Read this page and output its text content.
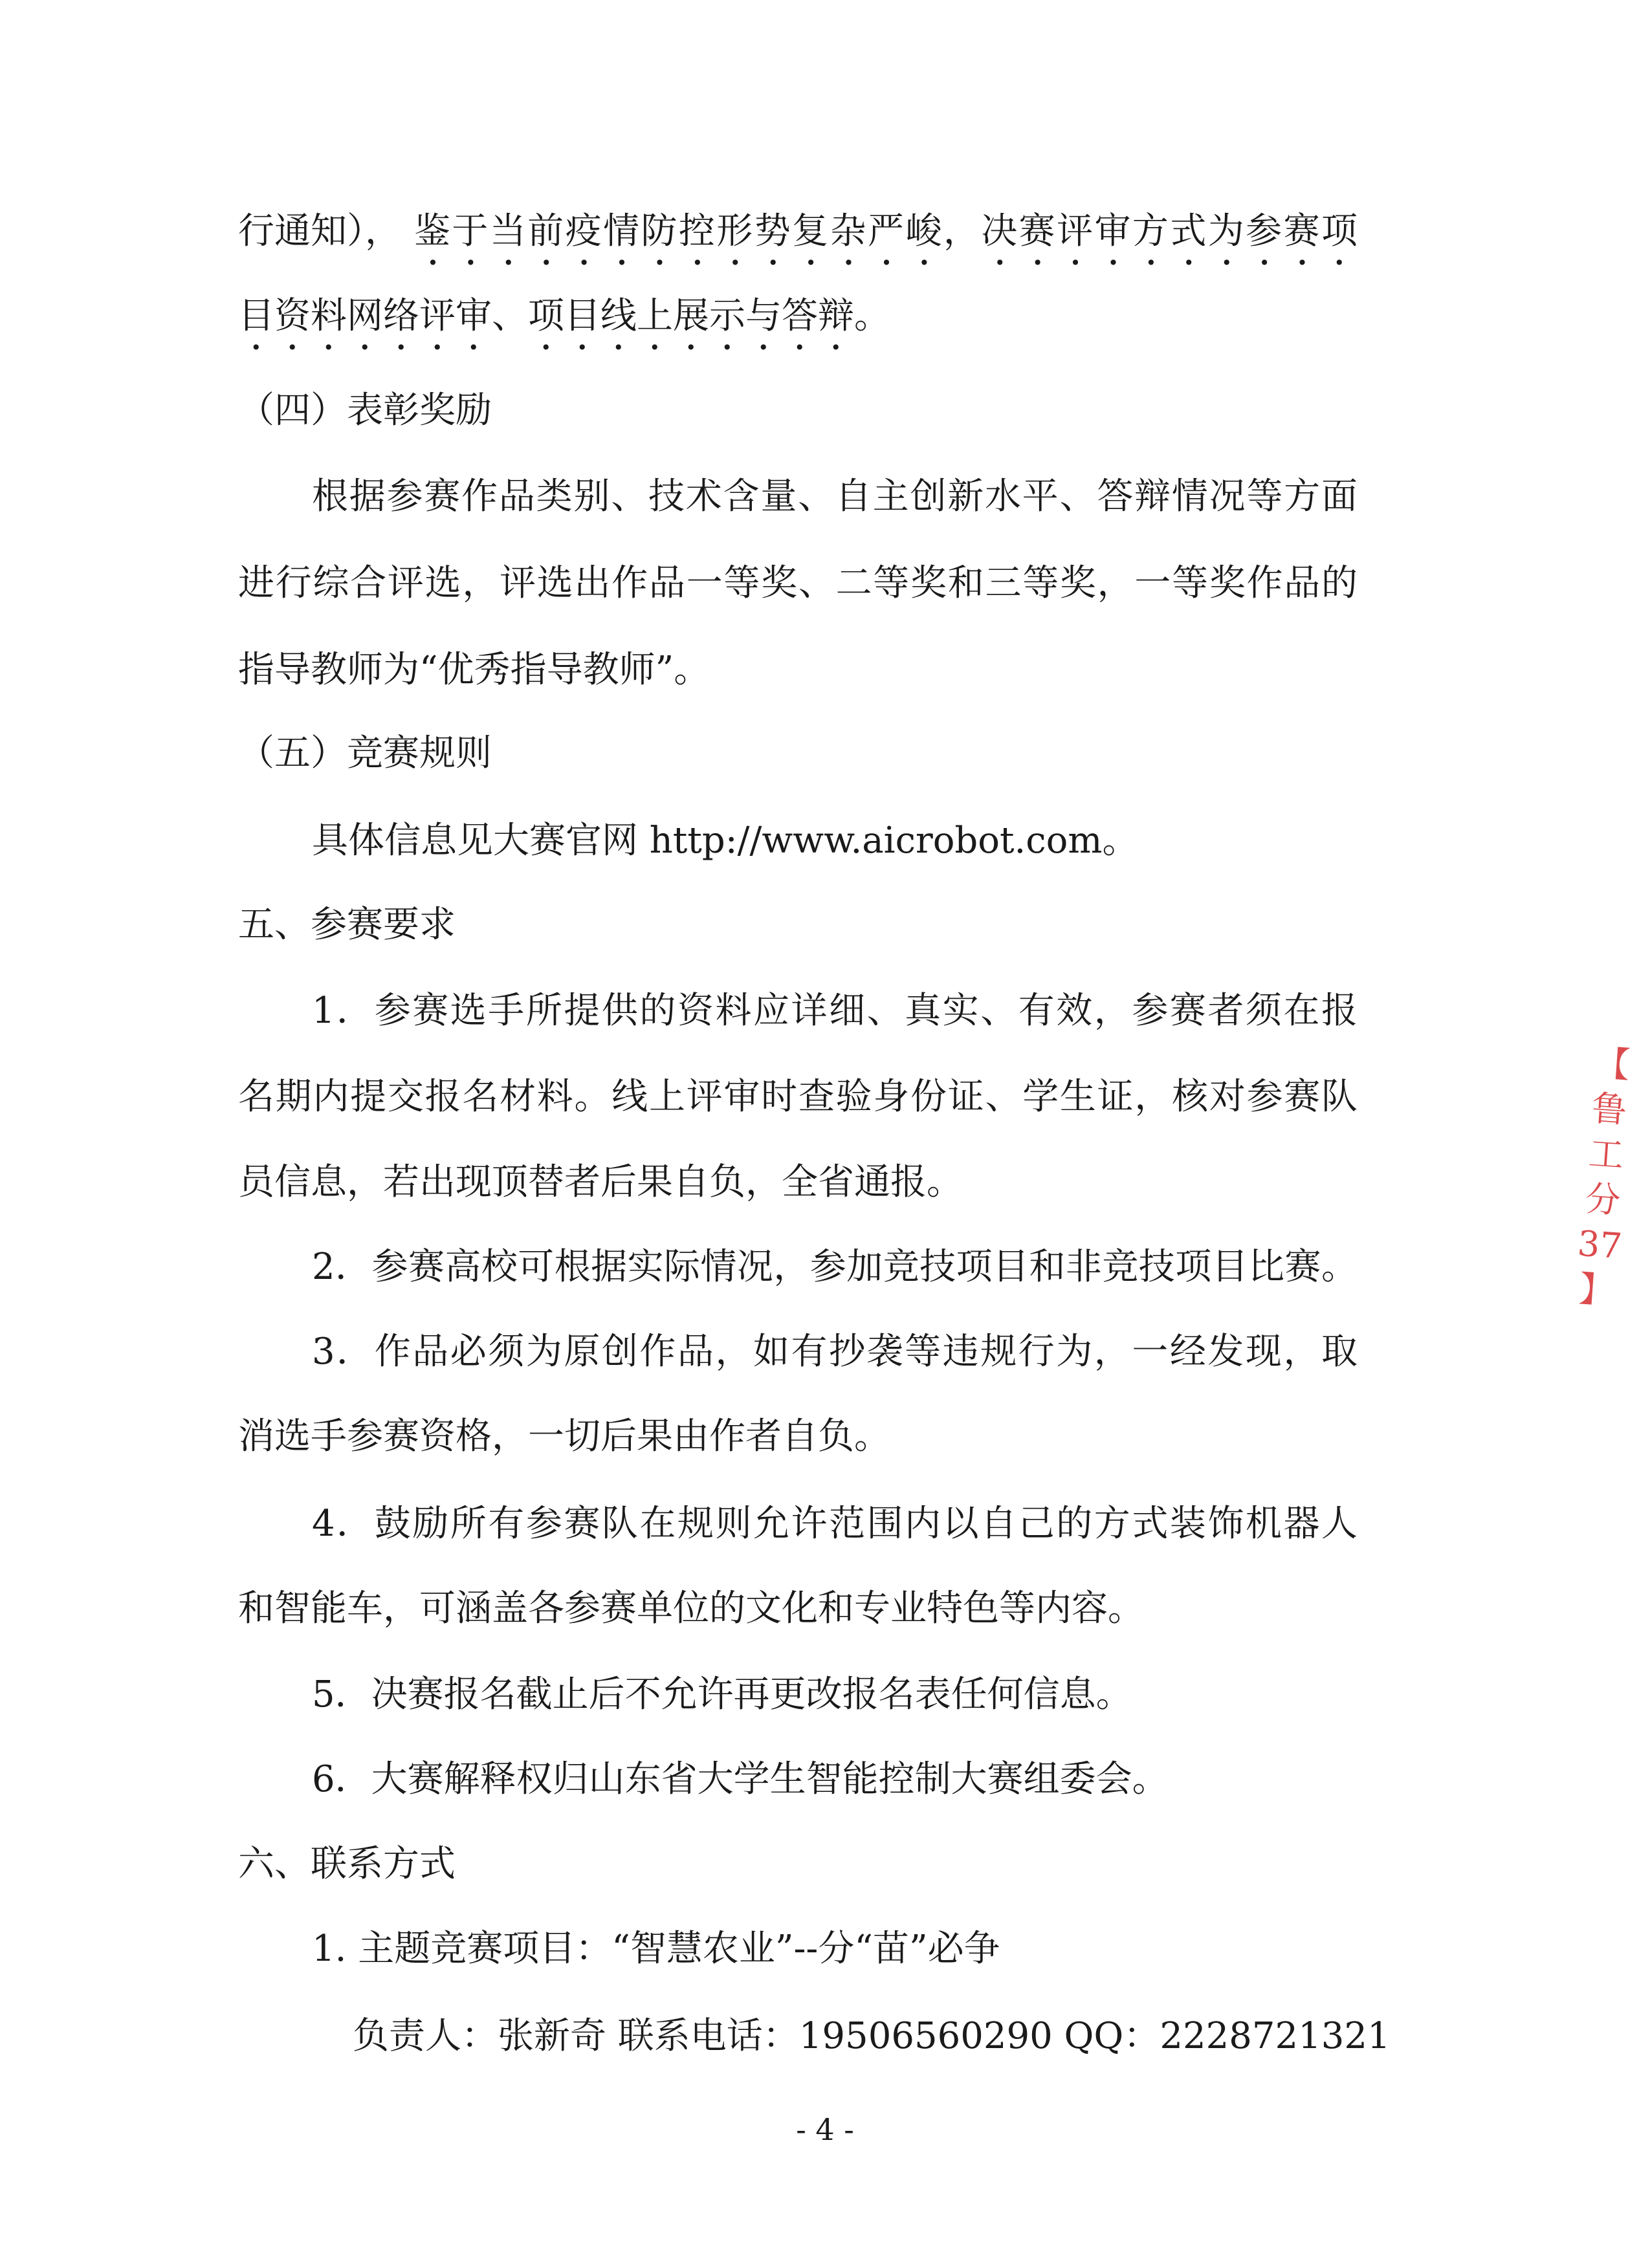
行通知）， 鉴于当前疫情防控形势复杂严峻，决赛评审方式为参赛项
目资料网络评审、项目线上展示与答辩。
（四）表彰奖励
根据参赛作品类别、技术含量、自主创新水平、答辩情况等方面
进行综合评选，评选出作品一等奖、二等奖和三等奖，一等奖作品的
指导教师为“优秀指导教师”。
（五）竞赛规则
具体信息见大赛官网 http://www.aicrobot.com。
五、参赛要求
1．参赛选手所提供的资料应详细、真实、有效，参赛者须在报
名期内提交报名材料。线上评审时查验身份证、学生证，核对参赛队
员信息，若出现顶替者后果自负，全省通报。
2．参赛高校可根据实际情况，参加竞技项目和非竞技项目比赛。
3．作品必须为原创作品，如有抄袭等违规行为，一经发现，取
消选手参赛资格，一切后果由作者自负。
4．鼓励所有参赛队在规则允许范围内以自己的方式装饰机器人
和智能车，可涵盖各参赛单位的文化和专业特色等内容。
5．决赛报名截止后不允许再更改报名表任何信息。
6．大赛解释权归山东省大学生智能控制大赛组委会。
六、联系方式
1. 主题竞赛项目：“智慧农业”--分“苗”必争
负责人：张新奇 联系电话：19506560290 QQ：2228721321
- 4 -
【
鲁
工
分
37
】
